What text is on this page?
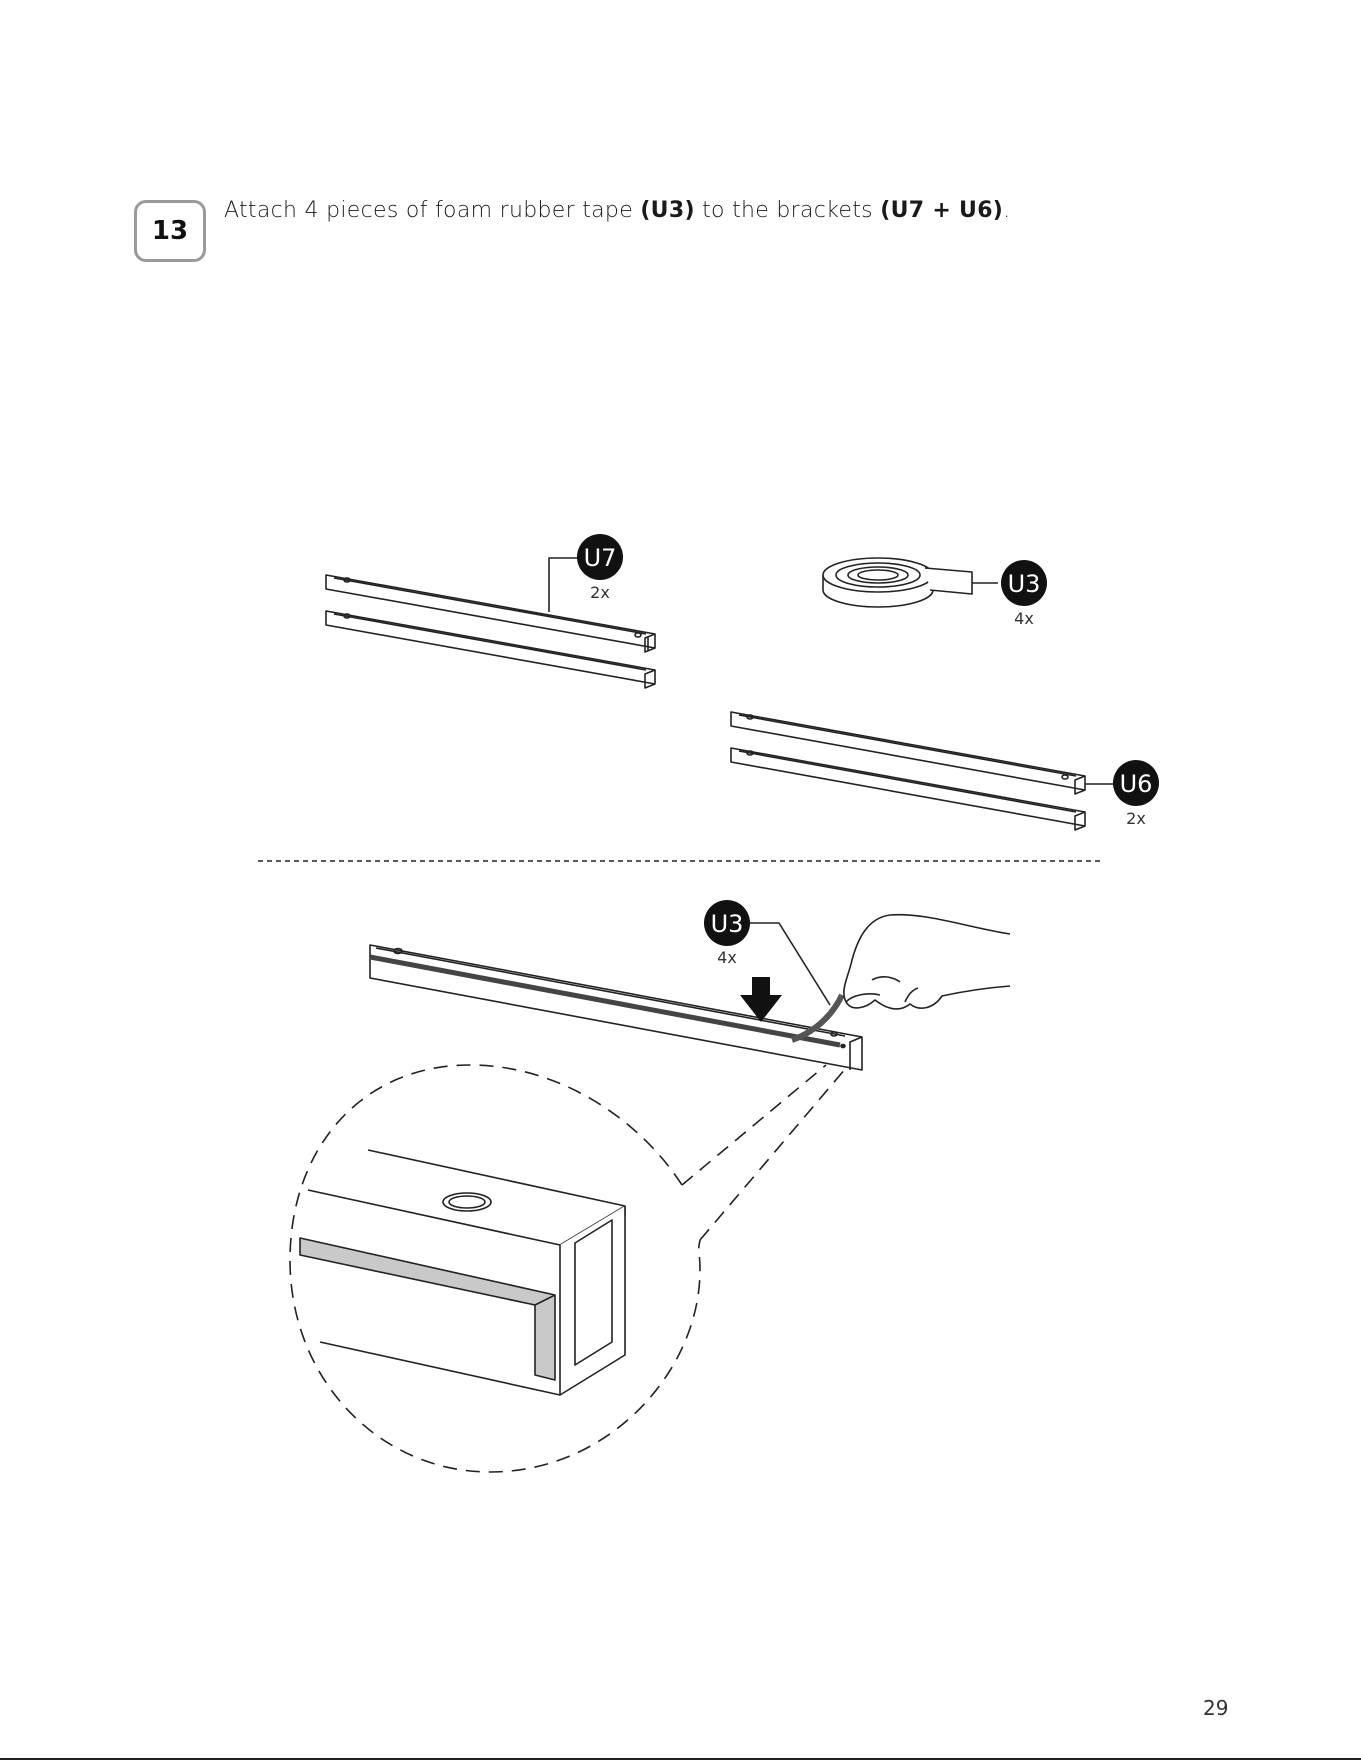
13
Attach 4 pieces of foam rubber tape (U3) to the brackets (U7 + U6).
U7
2x	U3
4x
U6
2x
U3
4x
29
